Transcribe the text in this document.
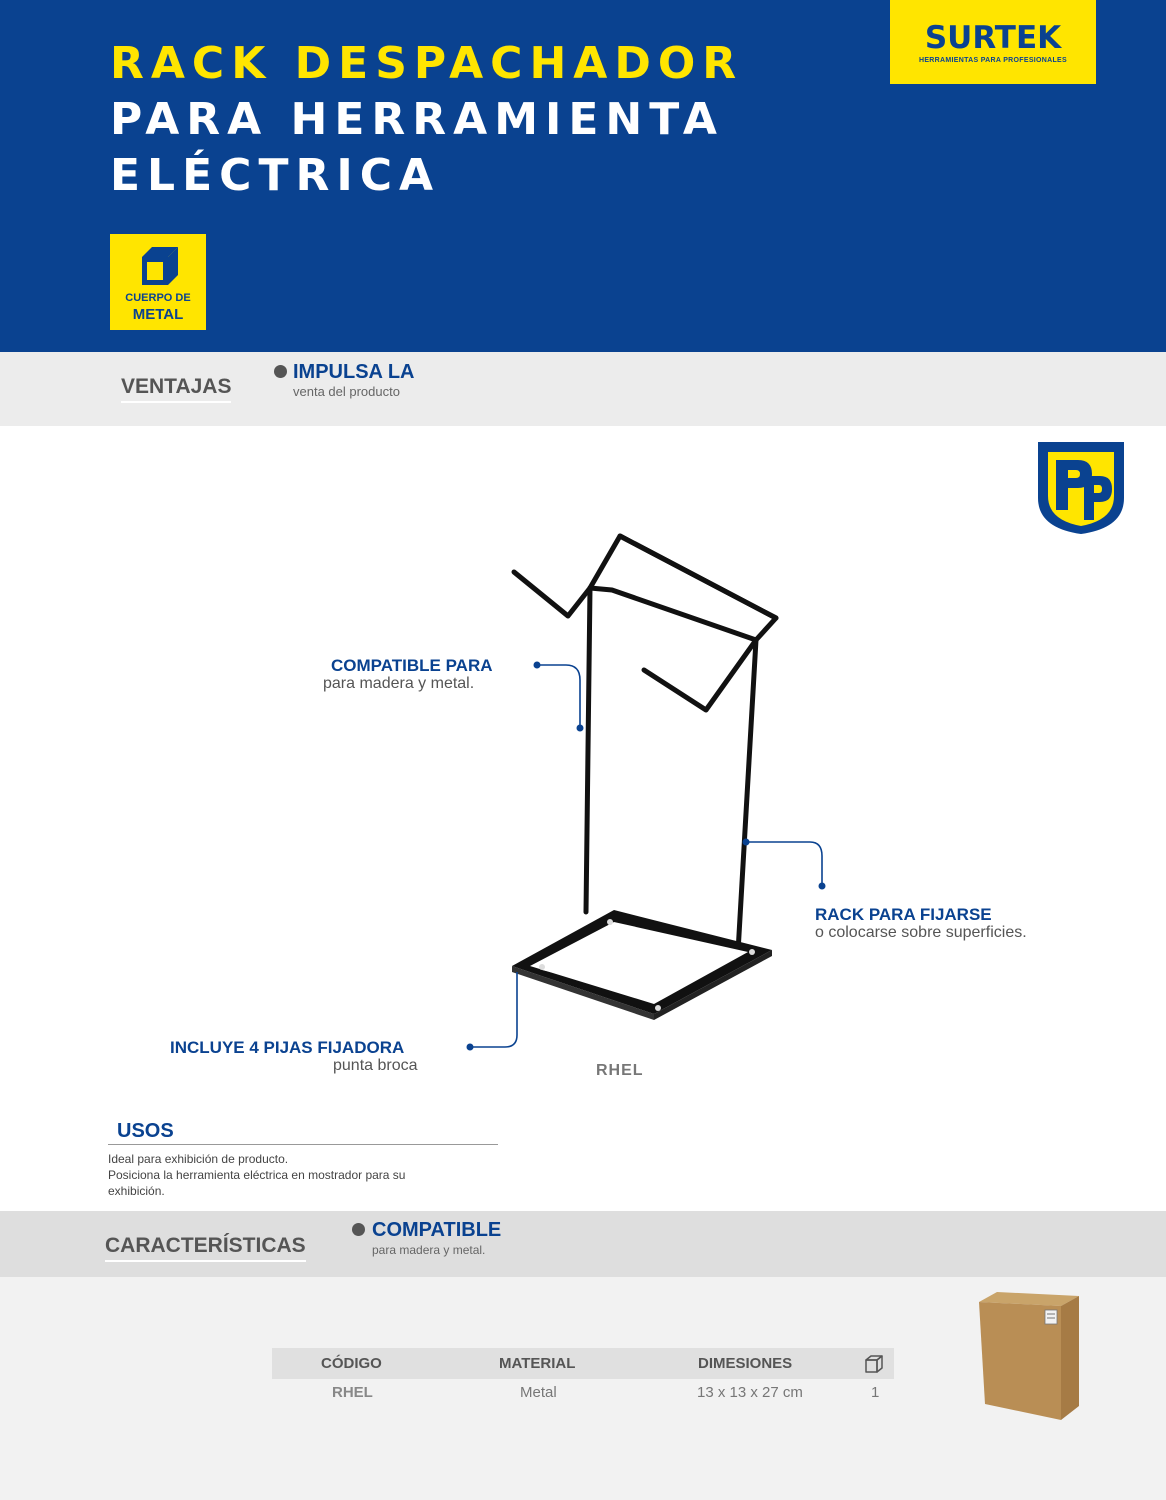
RACK DESPACHADOR
PARA HERRAMIENTA
ELÉCTRICA
SURTEK
HERRAMIENTAS PARA PROFESIONALES
CUERPO DE
METAL
VENTAJAS
IMPULSA LA
venta del producto
COMPATIBLE PARA
para madera y metal.
RACK PARA FIJARSE
o colocarse sobre superficies.
INCLUYE 4 PIJAS FIJADORA
punta broca	RHEL
USOS
Ideal para exhibición de producto.
Posiciona la herramienta eléctrica en mostrador para su
exhibición.
CARACTERÍSTICAS
COMPATIBLE
para madera y metal.
CÓDIGO	MATERIAL	DIMESIONES
RHEL	Metal	13 x 13 x 27 cm	1
